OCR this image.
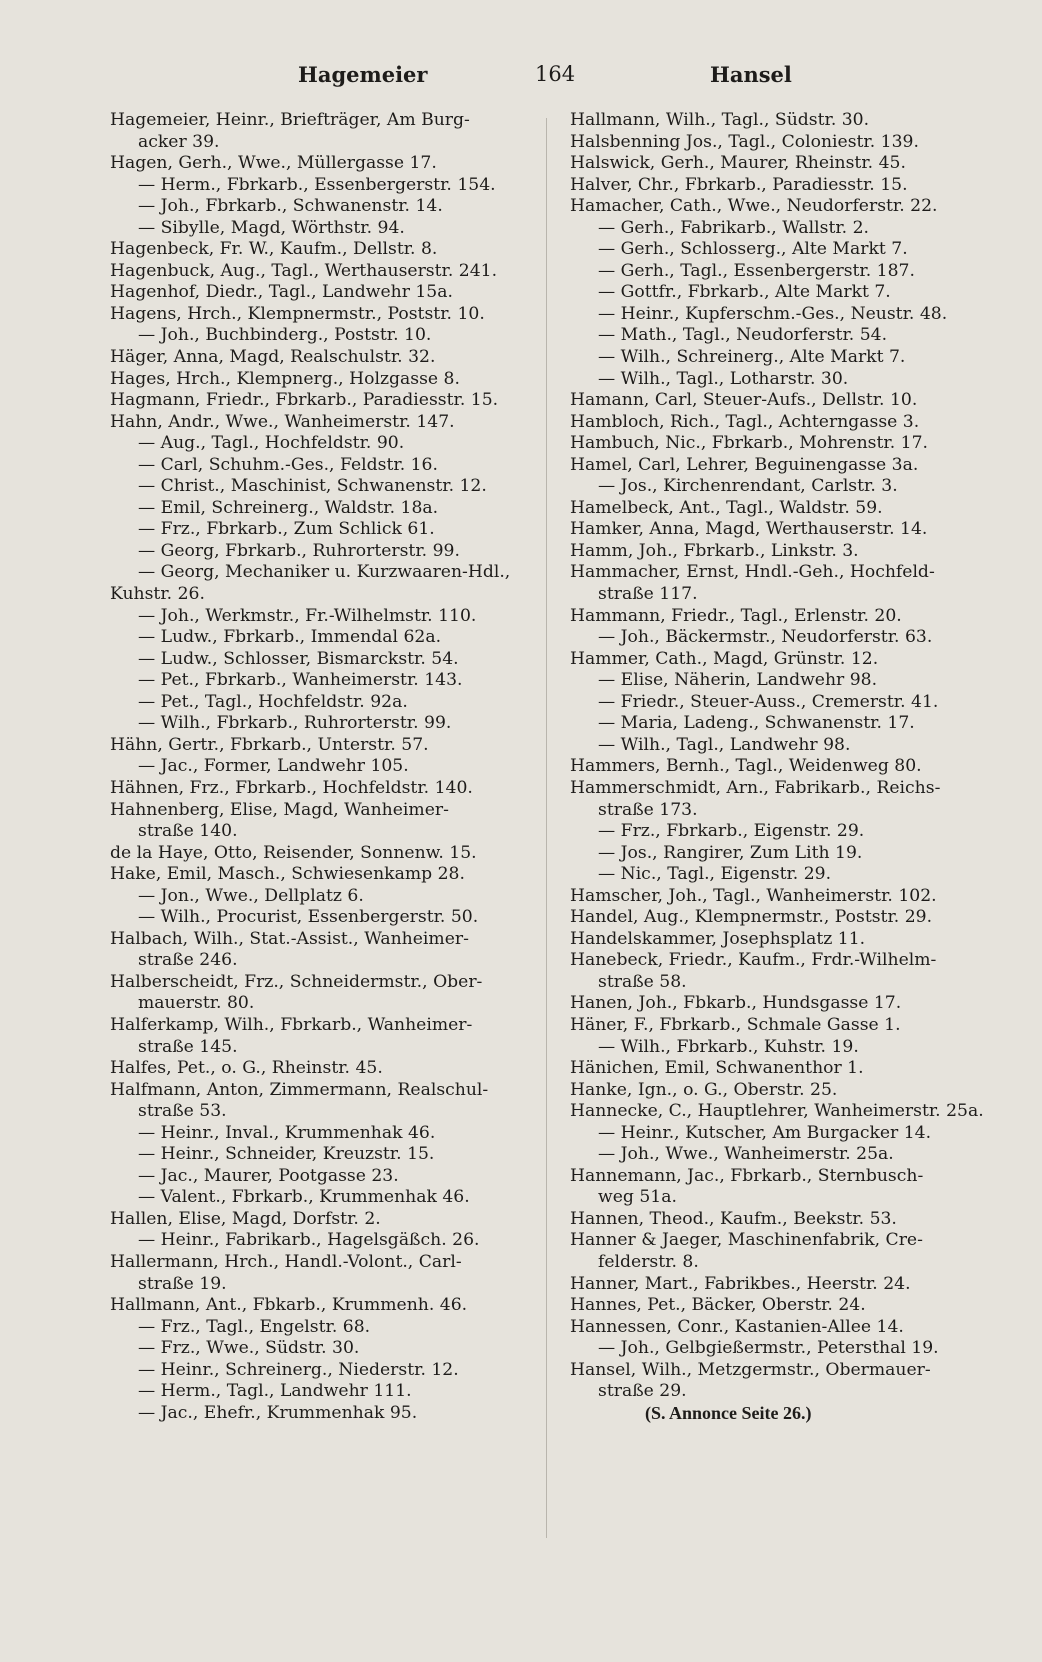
Hagemeier	164	Hansel
Hagemeier, Heinr., Briefträger, Am Burg-
acker 39.
Hagen, Gerh., Wwe., Müllergasse 17.
— Herm., Fbrkarb., Essenbergerstr. 154.
— Joh., Fbrkarb., Schwanenstr. 14.
— Sibylle, Magd, Wörthstr. 94.
Hagenbeck, Fr. W., Kaufm., Dellstr. 8.
Hagenbuck, Aug., Tagl., Werthauserstr. 241.
Hagenhof, Diedr., Tagl., Landwehr 15a.
Hagens, Hrch., Klempnermstr., Poststr. 10.
— Joh., Buchbinderg., Poststr. 10.
Häger, Anna, Magd, Realschulstr. 32.
Hages, Hrch., Klempnerg., Holzgasse 8.
Hagmann, Friedr., Fbrkarb., Paradiesstr. 15.
Hahn, Andr., Wwe., Wanheimerstr. 147.
— Aug., Tagl., Hochfeldstr. 90.
— Carl, Schuhm.-Ges., Feldstr. 16.
— Christ., Maschinist, Schwanenstr. 12.
— Emil, Schreinerg., Waldstr. 18a.
— Frz., Fbrkarb., Zum Schlick 61.
— Georg, Fbrkarb., Ruhrorterstr. 99.
— Georg, Mechaniker u. Kurzwaaren-Hdl.,
Kuhstr. 26.
— Joh., Werkmstr., Fr.-Wilhelmstr. 110.
— Ludw., Fbrkarb., Immendal 62a.
— Ludw., Schlosser, Bismarckstr. 54.
— Pet., Fbrkarb., Wanheimerstr. 143.
— Pet., Tagl., Hochfeldstr. 92a.
— Wilh., Fbrkarb., Ruhrorterstr. 99.
Hähn, Gertr., Fbrkarb., Unterstr. 57.
— Jac., Former, Landwehr 105.
Hähnen, Frz., Fbrkarb., Hochfeldstr. 140.
Hahnenberg, Elise, Magd, Wanheimer-
straße 140.
de la Haye, Otto, Reisender, Sonnenw. 15.
Hake, Emil, Masch., Schwiesenkamp 28.
— Jon., Wwe., Dellplatz 6.
— Wilh., Procurist, Essenbergerstr. 50.
Halbach, Wilh., Stat.-Assist., Wanheimer-
straße 246.
Halberscheidt, Frz., Schneidermstr., Ober-
mauerstr. 80.
Halferkamp, Wilh., Fbrkarb., Wanheimer-
straße 145.
Halfes, Pet., o. G., Rheinstr. 45.
Halfmann, Anton, Zimmermann, Realschul-
straße 53.
— Heinr., Inval., Krummenhak 46.
— Heinr., Schneider, Kreuzstr. 15.
— Jac., Maurer, Pootgasse 23.
— Valent., Fbrkarb., Krummenhak 46.
Hallen, Elise, Magd, Dorfstr. 2.
— Heinr., Fabrikarb., Hagelsgäßch. 26.
Hallermann, Hrch., Handl.-Volont., Carl-
straße 19.
Hallmann, Ant., Fbkarb., Krummenh. 46.
— Frz., Tagl., Engelstr. 68.
— Frz., Wwe., Südstr. 30.
— Heinr., Schreinerg., Niederstr. 12.
— Herm., Tagl., Landwehr 111.
— Jac., Ehefr., Krummenhak 95.
Hallmann, Wilh., Tagl., Südstr. 30.
Halsbenning Jos., Tagl., Coloniestr. 139.
Halswick, Gerh., Maurer, Rheinstr. 45.
Halver, Chr., Fbrkarb., Paradiesstr. 15.
Hamacher, Cath., Wwe., Neudorferstr. 22.
— Gerh., Fabrikarb., Wallstr. 2.
— Gerh., Schlosserg., Alte Markt 7.
— Gerh., Tagl., Essenbergerstr. 187.
— Gottfr., Fbrkarb., Alte Markt 7.
— Heinr., Kupferschm.-Ges., Neustr. 48.
— Math., Tagl., Neudorferstr. 54.
— Wilh., Schreinerg., Alte Markt 7.
— Wilh., Tagl., Lotharstr. 30.
Hamann, Carl, Steuer-Aufs., Dellstr. 10.
Hambloch, Rich., Tagl., Achterngasse 3.
Hambuch, Nic., Fbrkarb., Mohrenstr. 17.
Hamel, Carl, Lehrer, Beguinengasse 3a.
— Jos., Kirchenrendant, Carlstr. 3.
Hamelbeck, Ant., Tagl., Waldstr. 59.
Hamker, Anna, Magd, Werthauserstr. 14.
Hamm, Joh., Fbrkarb., Linkstr. 3.
Hammacher, Ernst, Hndl.-Geh., Hochfeld-
straße 117.
Hammann, Friedr., Tagl., Erlenstr. 20.
— Joh., Bäckermstr., Neudorferstr. 63.
Hammer, Cath., Magd, Grünstr. 12.
— Elise, Näherin, Landwehr 98.
— Friedr., Steuer-Auss., Cremerstr. 41.
— Maria, Ladeng., Schwanenstr. 17.
— Wilh., Tagl., Landwehr 98.
Hammers, Bernh., Tagl., Weidenweg 80.
Hammerschmidt, Arn., Fabrikarb., Reichs-
straße 173.
— Frz., Fbrkarb., Eigenstr. 29.
— Jos., Rangirer, Zum Lith 19.
— Nic., Tagl., Eigenstr. 29.
Hamscher, Joh., Tagl., Wanheimerstr. 102.
Handel, Aug., Klempnermstr., Poststr. 29.
Handelskammer, Josephsplatz 11.
Hanebeck, Friedr., Kaufm., Frdr.-Wilhelm-
straße 58.
Hanen, Joh., Fbkarb., Hundsgasse 17.
Häner, F., Fbrkarb., Schmale Gasse 1.
— Wilh., Fbrkarb., Kuhstr. 19.
Hänichen, Emil, Schwanenthor 1.
Hanke, Ign., o. G., Oberstr. 25.
Hannecke, C., Hauptlehrer, Wanheimerstr. 25a.
— Heinr., Kutscher, Am Burgacker 14.
— Joh., Wwe., Wanheimerstr. 25a.
Hannemann, Jac., Fbrkarb., Sternbusch-
weg 51a.
Hannen, Theod., Kaufm., Beekstr. 53.
Hanner & Jaeger, Maschinenfabrik, Cre-
felderstr. 8.
Hanner, Mart., Fabrikbes., Heerstr. 24.
Hannes, Pet., Bäcker, Oberstr. 24.
Hannessen, Conr., Kastanien-Allee 14.
— Joh., Gelbgießermstr., Petersthal 19.
Hansel, Wilh., Metzgermstr., Obermauer-
straße 29.
(S. Annonce Seite 26.)
